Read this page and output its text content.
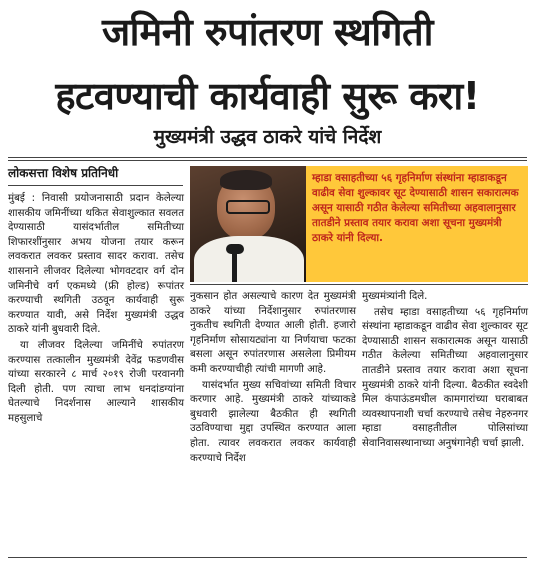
जमिनी रुपांतरण स्थगिती
हटवण्याची कार्यवाही सुरू करा!
मुख्यमंत्री उद्धव ठाकरे यांचे निर्देश
लोकसत्ता विशेष प्रतिनिधी	म्हाडा वसाहतीच्या ५६ गृहनिर्माण संस्थांना म्हाडाकडून वाढीव सेवा शुल्कावर सूट देण्यासाठी शासन सकारात्मक असून यासाठी गठीत केलेल्या समितीच्या अहवालानुसार तातडीने प्रस्ताव तयार करावा अशा सूचना मुख्यमंत्री ठाकरे यांनी दिल्या.

मुंबई : निवासी प्रयोजनासाठी प्रदान केलेल्या शासकीय जमिनींच्या थकित सेवाशुल्कात सवलत देण्यासाठी यासंदर्भातील समितीच्या शिफारशींनुसार अभय योजना तयार करून लवकरात लवकर प्रस्ताव सादर करावा. तसेच शासनाने लीजवर दिलेल्या भोगवटदार वर्ग दोन जमिनीचे वर्ग एकमध्ये (फ्री होल्ड) रूपांतर करण्याची स्थगिती उठवून कार्यवाही सुरू करण्यात यावी, असे निर्देश मुख्यमंत्री उद्धव ठाकरे यांनी बुधवारी दिले.

या लीजवर दिलेल्या जमिनींचे रुपांतरण करण्यास तत्कालीन मुख्यमंत्री देवेंद्र फडणवीस यांच्या सरकारने ८ मार्च २०१९ रोजी परवानगी दिली होती. पण त्याचा लाभ धनदांडग्यांना घेतल्याचे निदर्शनास आल्याने शासकीय महसुलाचे

नुकसान होत असल्याचे कारण देत मुख्यमंत्री ठाकरे यांच्या निर्देशानुसार रुपांतरणास नुकतीच स्थगिती देण्यात आली होती. हजारो गृहनिर्माण सोसायट्यांना या निर्णयाचा फटका बसला असून रुपांतरणास असलेला प्रिमीयम कमी करण्याचीही त्यांची मागणी आहे.

यासंदर्भात मुख्य सचिवांच्या समिती विचार करणार आहे. मुख्यमंत्री ठाकरे यांच्याकडे बुधवारी झालेल्या बैठकीत ही स्थगिती उठविण्याचा मुद्दा उपस्थित करण्यात आला होता. त्यावर लवकरात लवकर कार्यवाही करण्याचे निर्देश

मुख्यमंत्र्यांनी दिले.

तसेच म्हाडा वसाहतीच्या ५६ गृहनिर्माण संस्थांना म्हाडाकडून वाढीव सेवा शुल्कावर सूट देण्यासाठी शासन सकारात्मक असून यासाठी गठीत केलेल्या समितीच्या अहवालानुसार तातडीने प्रस्ताव तयार करावा अशा सूचना मुख्यमंत्री ठाकरे यांनी दिल्या. बैठकीत स्वदेशी मिल कंपाऊंडमधील कामगारांच्या घराबाबत व्यवस्थापनाशी चर्चा करण्याचे तसेच नेहरुनगर म्हाडा वसाहतीतील पोलिसांच्या सेवानिवासस्थानाच्या अनुषंगानेही चर्चा झाली.
